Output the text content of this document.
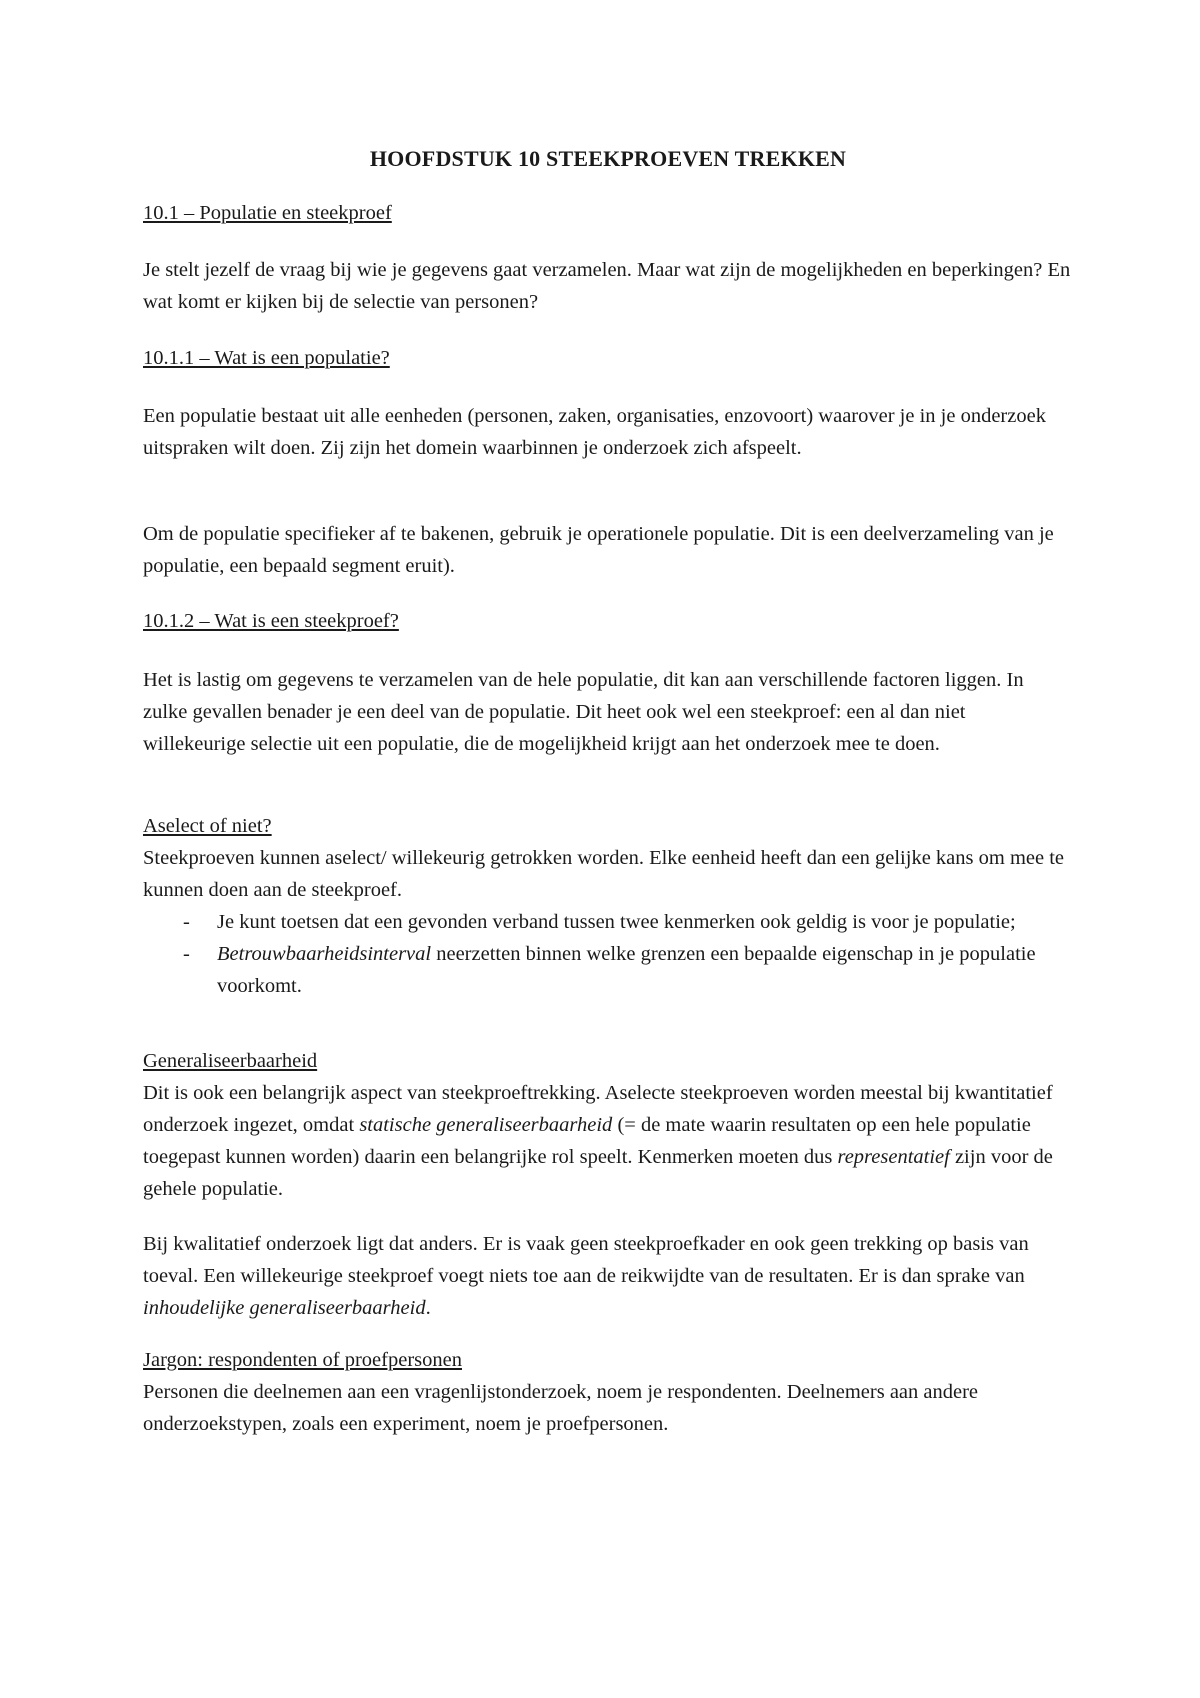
HOOFDSTUK 10 STEEKPROEVEN TREKKEN

10.1 – Populatie en steekproef

Je stelt jezelf de vraag bij wie je gegevens gaat verzamelen. Maar wat zijn de mogelijkheden en beperkingen? En wat komt er kijken bij de selectie van personen?

10.1.1 – Wat is een populatie?

Een populatie bestaat uit alle eenheden (personen, zaken, organisaties, enzovoort) waarover je in je onderzoek uitspraken wilt doen. Zij zijn het domein waarbinnen je onderzoek zich afspeelt.

Om de populatie specifieker af te bakenen, gebruik je operationele populatie. Dit is een deelverzameling van je populatie, een bepaald segment eruit).

10.1.2 – Wat is een steekproef?

Het is lastig om gegevens te verzamelen van de hele populatie, dit kan aan verschillende factoren liggen. In zulke gevallen benader je een deel van de populatie. Dit heet ook wel een steekproef: een al dan niet willekeurige selectie uit een populatie, die de mogelijkheid krijgt aan het onderzoek mee te doen.

Aselect of niet?
Steekproeven kunnen aselect/ willekeurig getrokken worden. Elke eenheid heeft dan een gelijke kans om mee te kunnen doen aan de steekproef.
- Je kunt toetsen dat een gevonden verband tussen twee kenmerken ook geldig is voor je populatie;
- Betrouwbaarheidsinterval neerzetten binnen welke grenzen een bepaalde eigenschap in je populatie voorkomt.
Generaliseerbaarheid
Dit is ook een belangrijk aspect van steekproeftrekking. Aselecte steekproeven worden meestal bij kwantitatief onderzoek ingezet, omdat statische generaliseerbaarheid (= de mate waarin resultaten op een hele populatie toegepast kunnen worden) daarin een belangrijke rol speelt. Kenmerken moeten dus representatief zijn voor de gehele populatie.

Bij kwalitatief onderzoek ligt dat anders. Er is vaak geen steekproefkader en ook geen trekking op basis van toeval. Een willekeurige steekproef voegt niets toe aan de reikwijdte van de resultaten. Er is dan sprake van inhoudelijke generaliseerbaarheid.

Jargon: respondenten of proefpersonen
Personen die deelnemen aan een vragenlijstonderzoek, noem je respondenten. Deelnemers aan andere onderzoekstypen, zoals een experiment, noem je proefpersonen.
